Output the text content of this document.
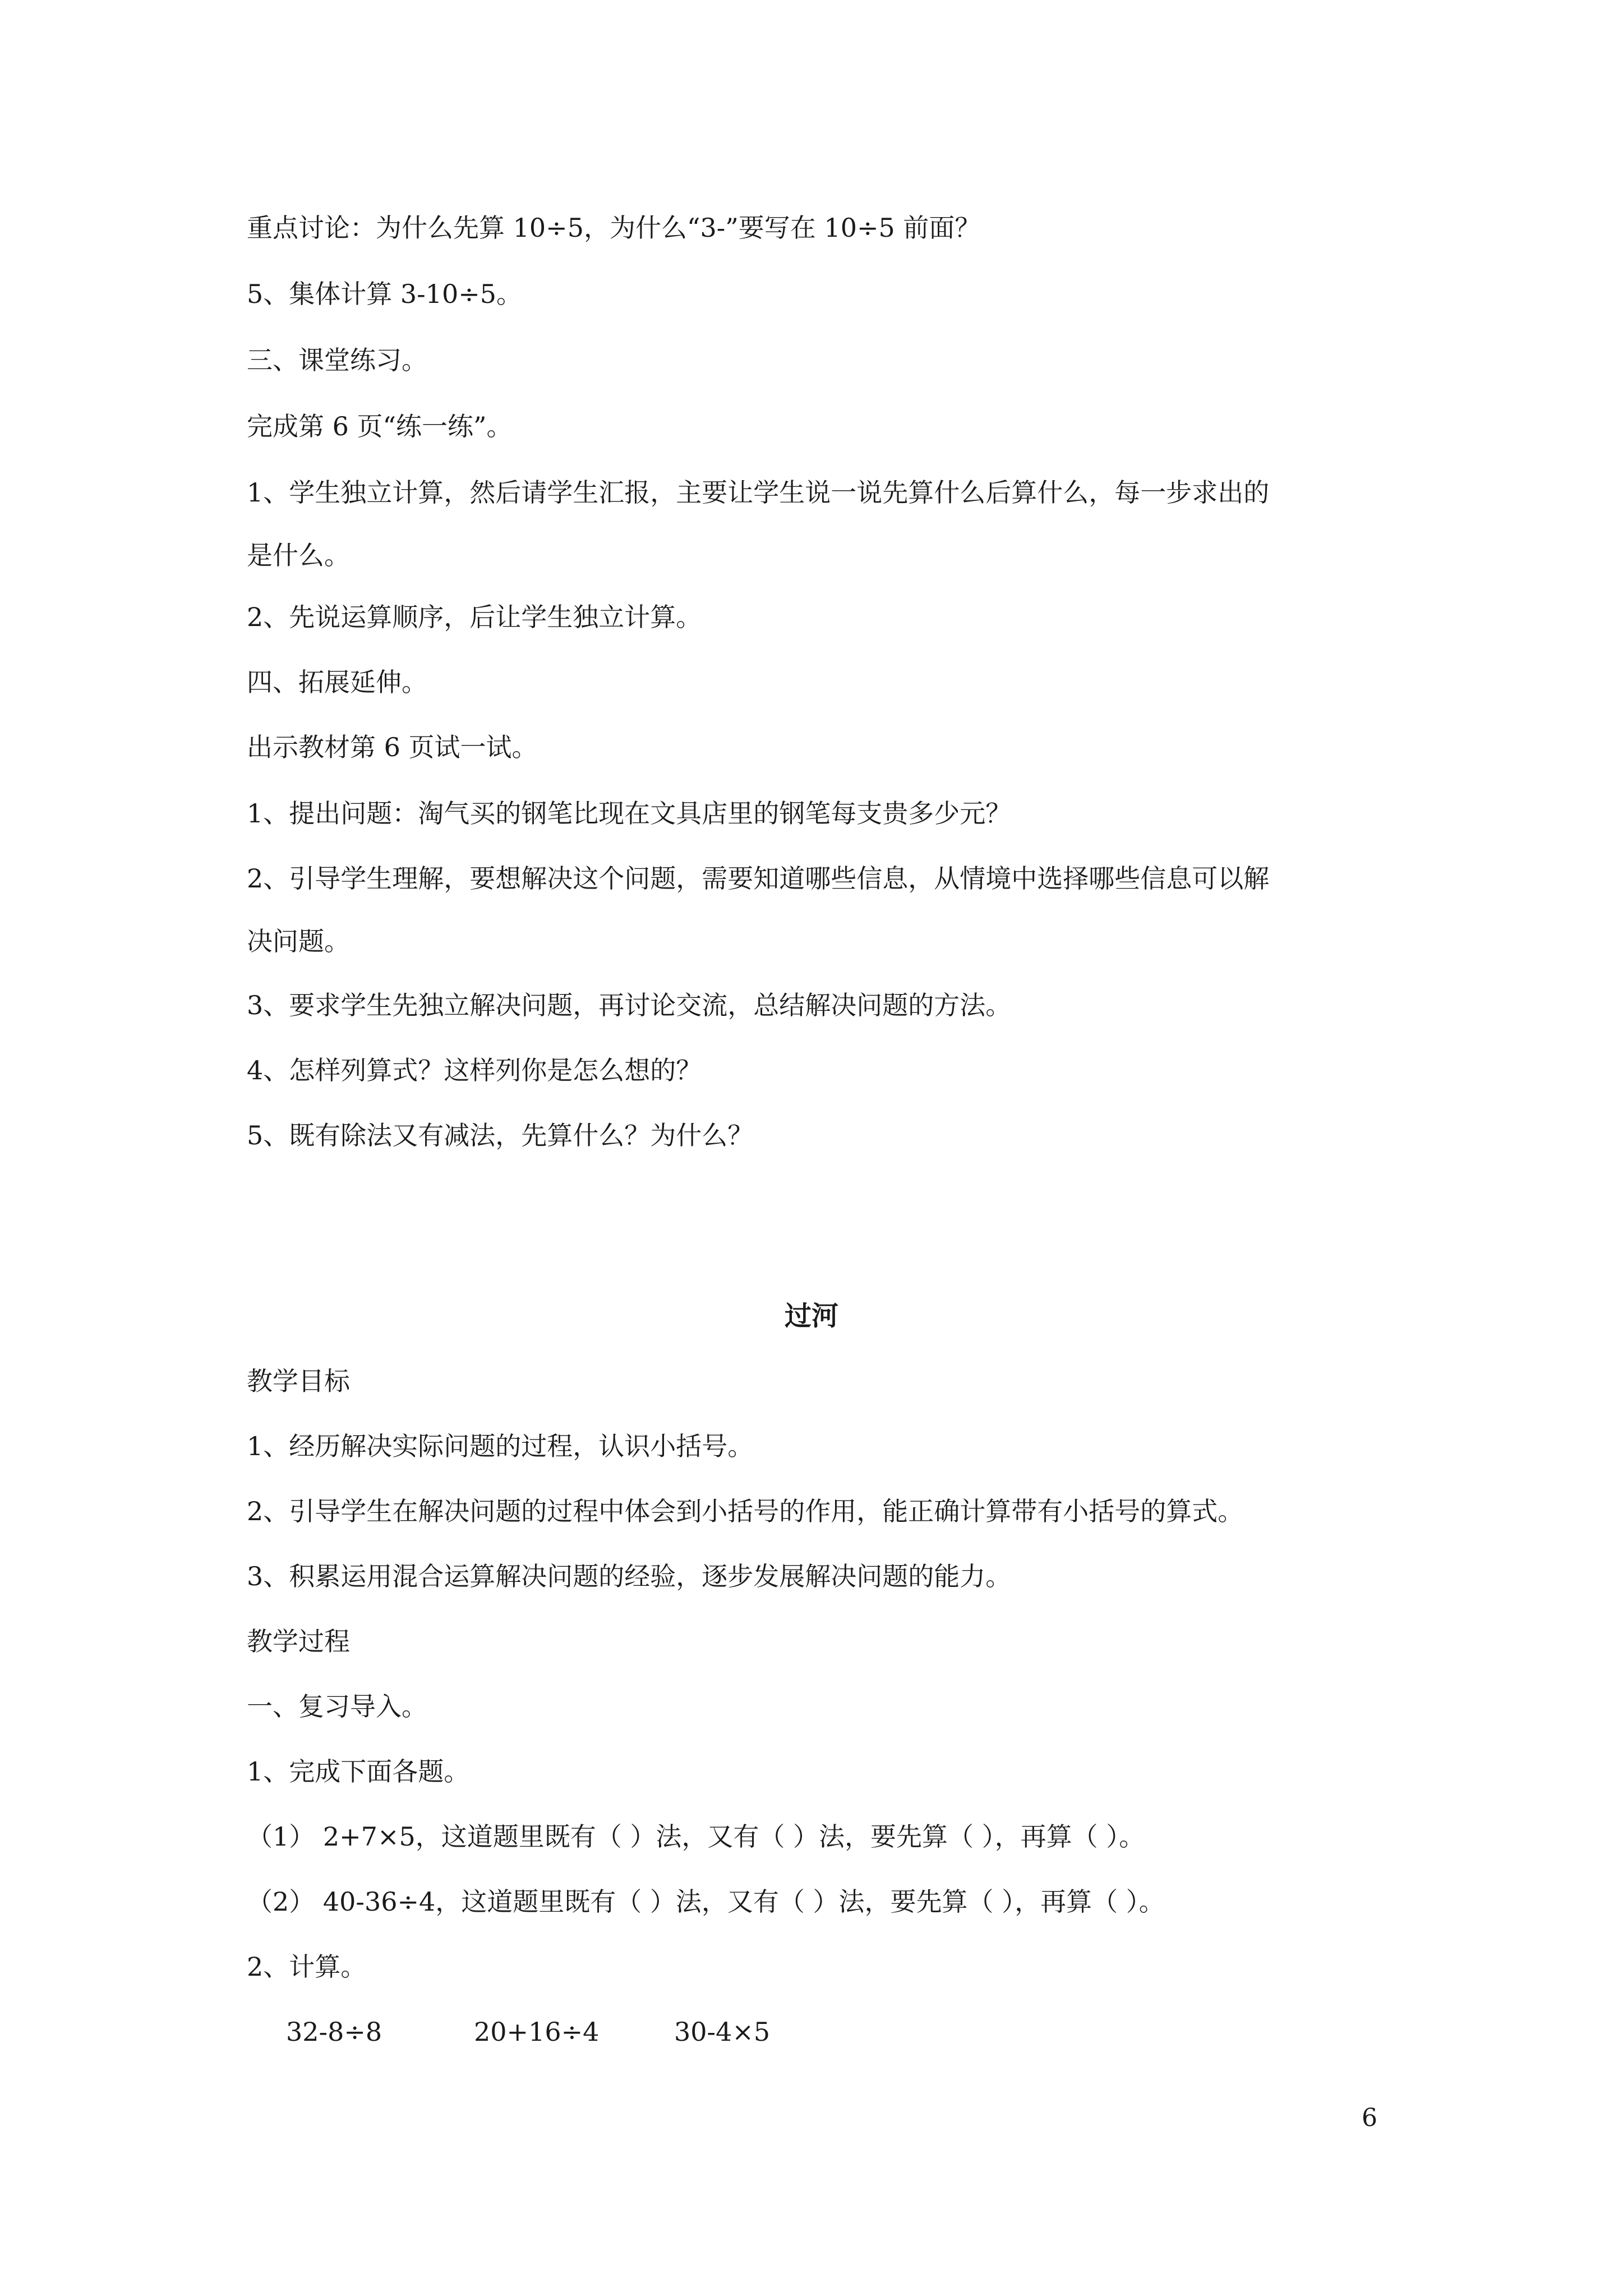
重点讨论：为什么先算 10÷5，为什么“3-”要写在 10÷5 前面？
5、集体计算 3-10÷5。
三、课堂练习。
完成第 6 页“练一练”。
1、学生独立计算，然后请学生汇报，主要让学生说一说先算什么后算什么，每一步求出的
是什么。
2、先说运算顺序，后让学生独立计算。
四、拓展延伸。
出示教材第 6 页试一试。
1、提出问题：淘气买的钢笔比现在文具店里的钢笔每支贵多少元？
2、引导学生理解，要想解决这个问题，需要知道哪些信息，从情境中选择哪些信息可以解
决问题。
3、要求学生先独立解决问题，再讨论交流，总结解决问题的方法。
4、怎样列算式？这样列你是怎么想的？
5、既有除法又有减法，先算什么？为什么？
过河
教学目标
1、经历解决实际问题的过程，认识小括号。
2、引导学生在解决问题的过程中体会到小括号的作用，能正确计算带有小括号的算式。
3、积累运用混合运算解决问题的经验，逐步发展解决问题的能力。
教学过程
一、复习导入。
1、完成下面各题。
（1） 2+7×5，这道题里既有（ ）法，又有（ ）法，要先算（ ），再算（ ）。
（2） 40-36÷4，这道题里既有（ ）法，又有（ ）法，要先算（ ），再算（ ）。
2、计算。
32-8÷8	20+16÷4	30-4×5
6
